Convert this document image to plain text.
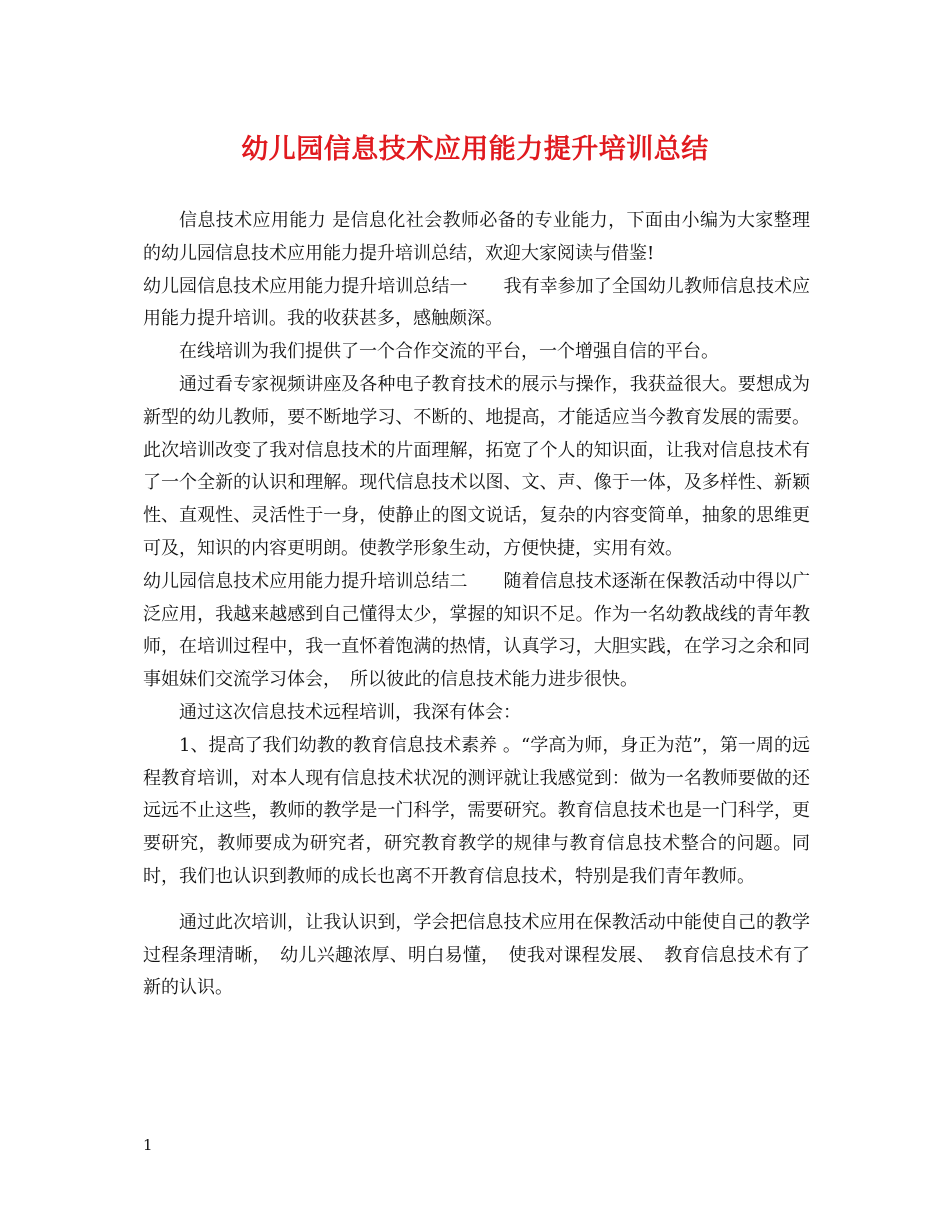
幼儿园信息技术应用能力提升培训总结

信息技术应用能力 是信息化社会教师必备的专业能力，下面由小编为大家整理的幼儿园信息技术应用能力提升培训总结，欢迎大家阅读与借鉴!

幼儿园信息技术应用能力提升培训总结一　　我有幸参加了全国幼儿教师信息技术应用能力提升培训。我的收获甚多，感触颇深。

在线培训为我们提供了一个合作交流的平台，一个增强自信的平台。

通过看专家视频讲座及各种电子教育技术的展示与操作，我获益很大。要想成为新型的幼儿教师，要不断地学习、不断的、地提高，才能适应当今教育发展的需要。此次培训改变了我对信息技术的片面理解，拓宽了个人的知识面，让我对信息技术有了一个全新的认识和理解。现代信息技术以图、文、声、像于一体，及多样性、新颖性、直观性、灵活性于一身，使静止的图文说话，复杂的内容变简单，抽象的思维更可及，知识的内容更明朗。使教学形象生动，方便快捷，实用有效。

幼儿园信息技术应用能力提升培训总结二　　随着信息技术逐渐在保教活动中得以广泛应用，我越来越感到自己懂得太少，掌握的知识不足。作为一名幼教战线的青年教师，在培训过程中，我一直怀着饱满的热情，认真学习，大胆实践，在学习之余和同事姐妹们交流学习体会，　所以彼此的信息技术能力进步很快。

通过这次信息技术远程培训，我深有体会：

1、提高了我们幼教的教育信息技术素养 。“学高为师，身正为范”，第一周的远程教育培训，对本人现有信息技术状况的测评就让我感觉到：做为一名教师要做的还远远不止这些，教师的教学是一门科学，需要研究。教育信息技术也是一门科学，更要研究，教师要成为研究者，研究教育教学的规律与教育信息技术整合的问题。同时，我们也认识到教师的成长也离不开教育信息技术，特别是我们青年教师。

通过此次培训，让我认识到，学会把信息技术应用在保教活动中能使自己的教学过程条理清晰，　幼儿兴趣浓厚、明白易懂，　使我对课程发展、　教育信息技术有了新的认识。

1
